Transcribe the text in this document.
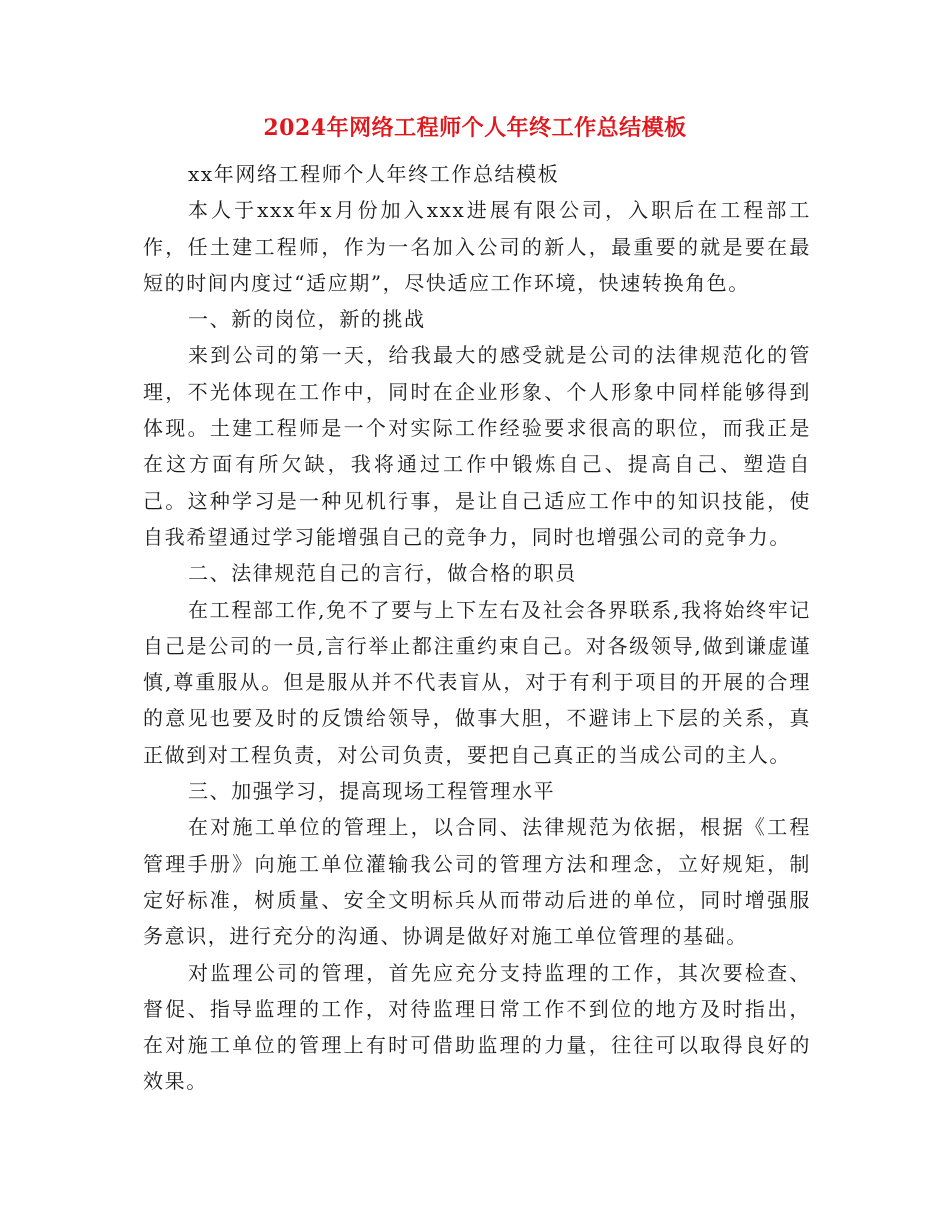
2024年网络工程师个人年终工作总结模板

xx年网络工程师个人年终工作总结模板

本人于xxx年x月份加入xxx进展有限公司，入职后在工程部工作，任土建工程师，作为一名加入公司的新人，最重要的就是要在最短的时间内度过“适应期”，尽快适应工作环境，快速转换角色。

一、新的岗位，新的挑战

来到公司的第一天，给我最大的感受就是公司的法律规范化的管理，不光体现在工作中，同时在企业形象、个人形象中同样能够得到体现。土建工程师是一个对实际工作经验要求很高的职位，而我正是在这方面有所欠缺，我将通过工作中锻炼自己、提高自己、塑造自己。这种学习是一种见机行事，是让自己适应工作中的知识技能，使自我希望通过学习能增强自己的竞争力，同时也增强公司的竞争力。

二、法律规范自己的言行，做合格的职员

在工程部工作,免不了要与上下左右及社会各界联系,我将始终牢记自己是公司的一员,言行举止都注重约束自己。对各级领导,做到谦虚谨慎,尊重服从。但是服从并不代表盲从，对于有利于项目的开展的合理的意见也要及时的反馈给领导，做事大胆，不避讳上下层的关系，真正做到对工程负责，对公司负责，要把自己真正的当成公司的主人。

三、加强学习，提高现场工程管理水平

在对施工单位的管理上，以合同、法律规范为依据，根据《工程管理手册》向施工单位灌输我公司的管理方法和理念，立好规矩，制定好标准，树质量、安全文明标兵从而带动后进的单位，同时增强服务意识，进行充分的沟通、协调是做好对施工单位管理的基础。

对监理公司的管理，首先应充分支持监理的工作，其次要检查、督促、指导监理的工作，对待监理日常工作不到位的地方及时指出，在对施工单位的管理上有时可借助监理的力量，往往可以取得良好的效果。
